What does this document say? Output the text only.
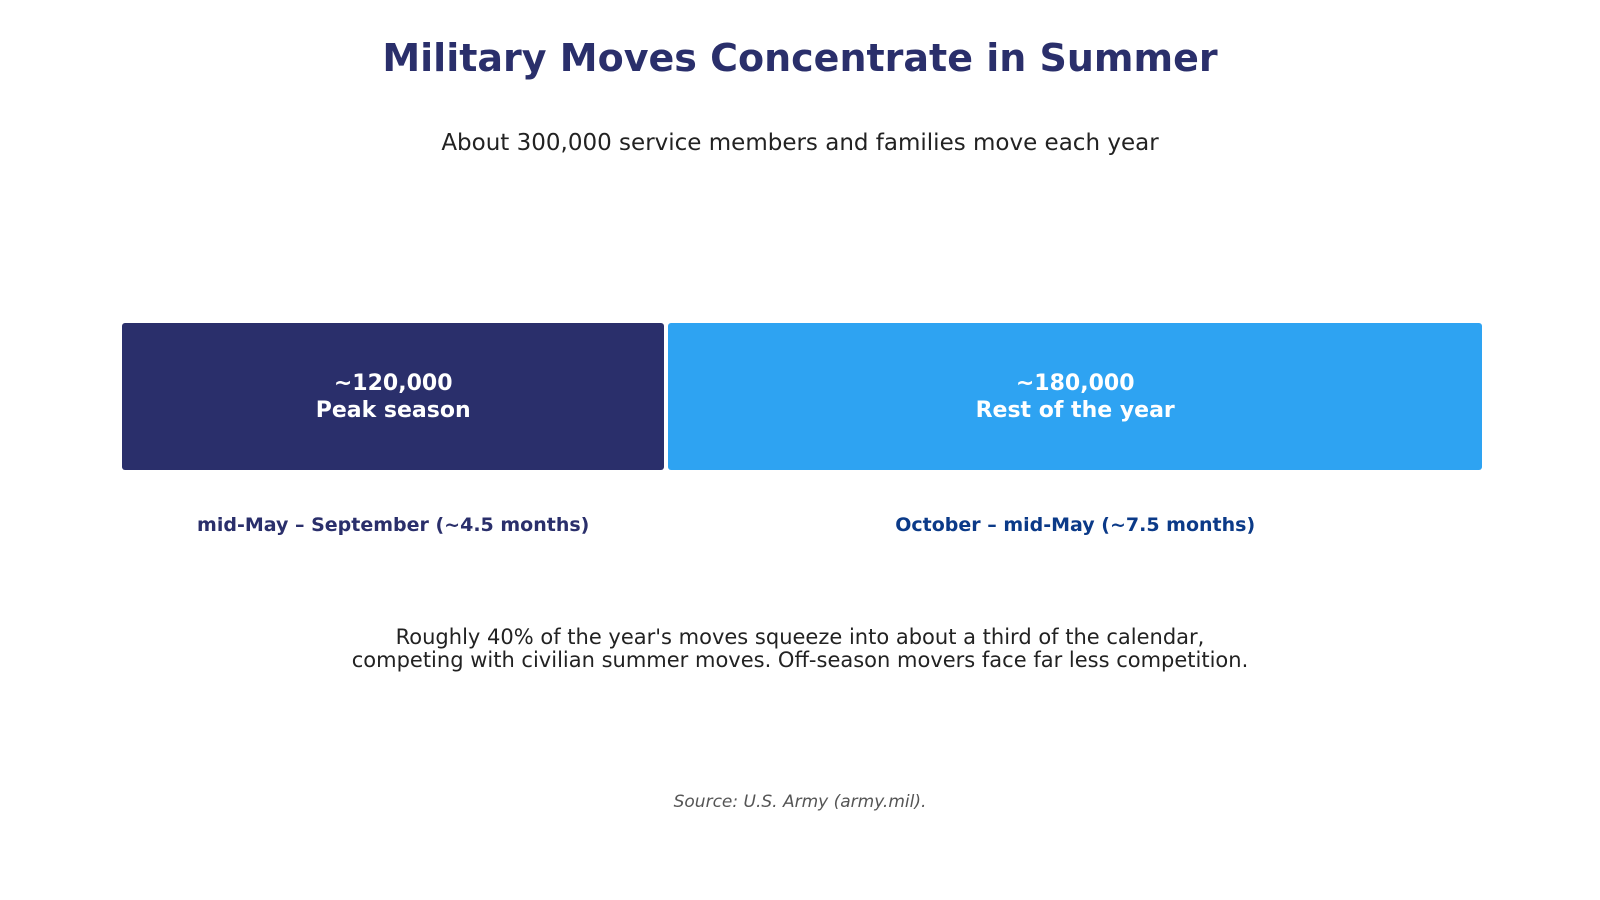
Military Moves Concentrate in Summer
About 300,000 service members and families move each year
~120,000
Peak season
mid-May – September (~4.5 months)
~180,000
Rest of the year
October – mid-May (~7.5 months)
Roughly 40% of the year's moves squeeze into about a third of the calendar,
competing with civilian summer moves. Off-season movers face far less competition.
Source: U.S. Army (army.mil).
